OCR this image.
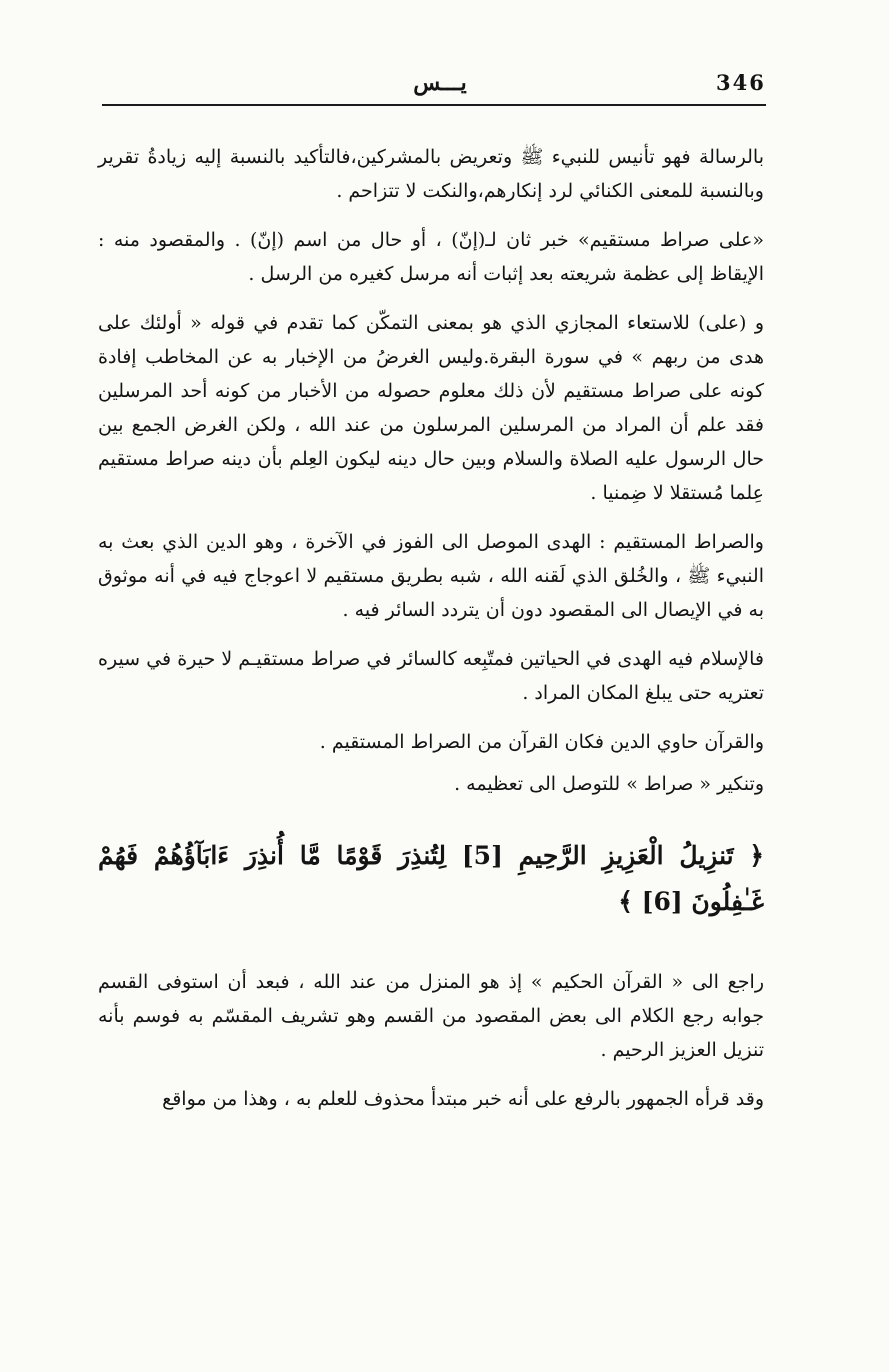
346
يـــس

بالرسالة فهو تأنيس للنبيء ﷺ وتعريض بالمشركين،فالتأكيد بالنسبة إليه زيادةُ تقرير وبالنسبة للمعنى الكنائي لرد إنكارهم،والنكت لا تتزاحم .

«على صراط مستقيم» خبر ثان لـ(إنّ) ، أو حال من اسم (إنّ) . والمقصود منه : الإيقاظ إلى عظمة شريعته بعد إثبات أنه مرسل كغيره من الرسل .

و (على) للاستعاء المجازي الذي هو بمعنى التمكّن كما تقدم في قوله « أولئك على هدى من ربهم » في سورة البقرة.وليس الغرضُ من الإخبار به عن المخاطب إفادة كونه على صراط مستقيم لأن ذلك معلوم حصوله من الأخبار من كونه أحد المرسلين فقد علم أن المراد من المرسلين المرسلون من عند الله ، ولكن الغرض الجمع بين حال الرسول عليه الصلاة والسلام وبين حال دينه ليكون العِلم بأن دينه صراط مستقيم عِلما مُستقلا لا ضِمنيا .

والصراط المستقيم : الهدى الموصل الى الفوز في الآخرة ، وهو الدين الذي بعث به النبيء ﷺ ، والخُلق الذي لَقنه الله ، شبه بطريق مستقيم لا اعوجاج فيه في أنه موثوق به في الإيصال الى المقصود دون أن يتردد السائر فيه .

فالإسلام فيه الهدى في الحياتين فمتّبِعه كالسائر في صراط مستقيـم لا حيرة في سيره تعتريه حتى يبلغ المكان المراد .

والقرآن حاوي الدين فكان القرآن من الصراط المستقيم .

وتنكير « صراط » للتوصل الى تعظيمه .

﴿ تَنزِيلُ الْعَزِيزِ الرَّحِيمِ [5] لِتُنذِرَ قَوْمًا مَّا أُنذِرَ ءَابَآؤُهُمْ فَهُمْ غَـٰفِلُونَ [6] ﴾

راجع الى « القرآن الحكيم » إذ هو المنزل من عند الله ، فبعد أن استوفى القسم جوابه رجع الكلام الى بعض المقصود من القسم وهو تشريف المقسّم به فوسم بأنه تنزيل العزيز الرحيم .

وقد قرأه الجمهور بالرفع على أنه خبر مبتدأ محذوف للعلم به ، وهذا من مواقع
